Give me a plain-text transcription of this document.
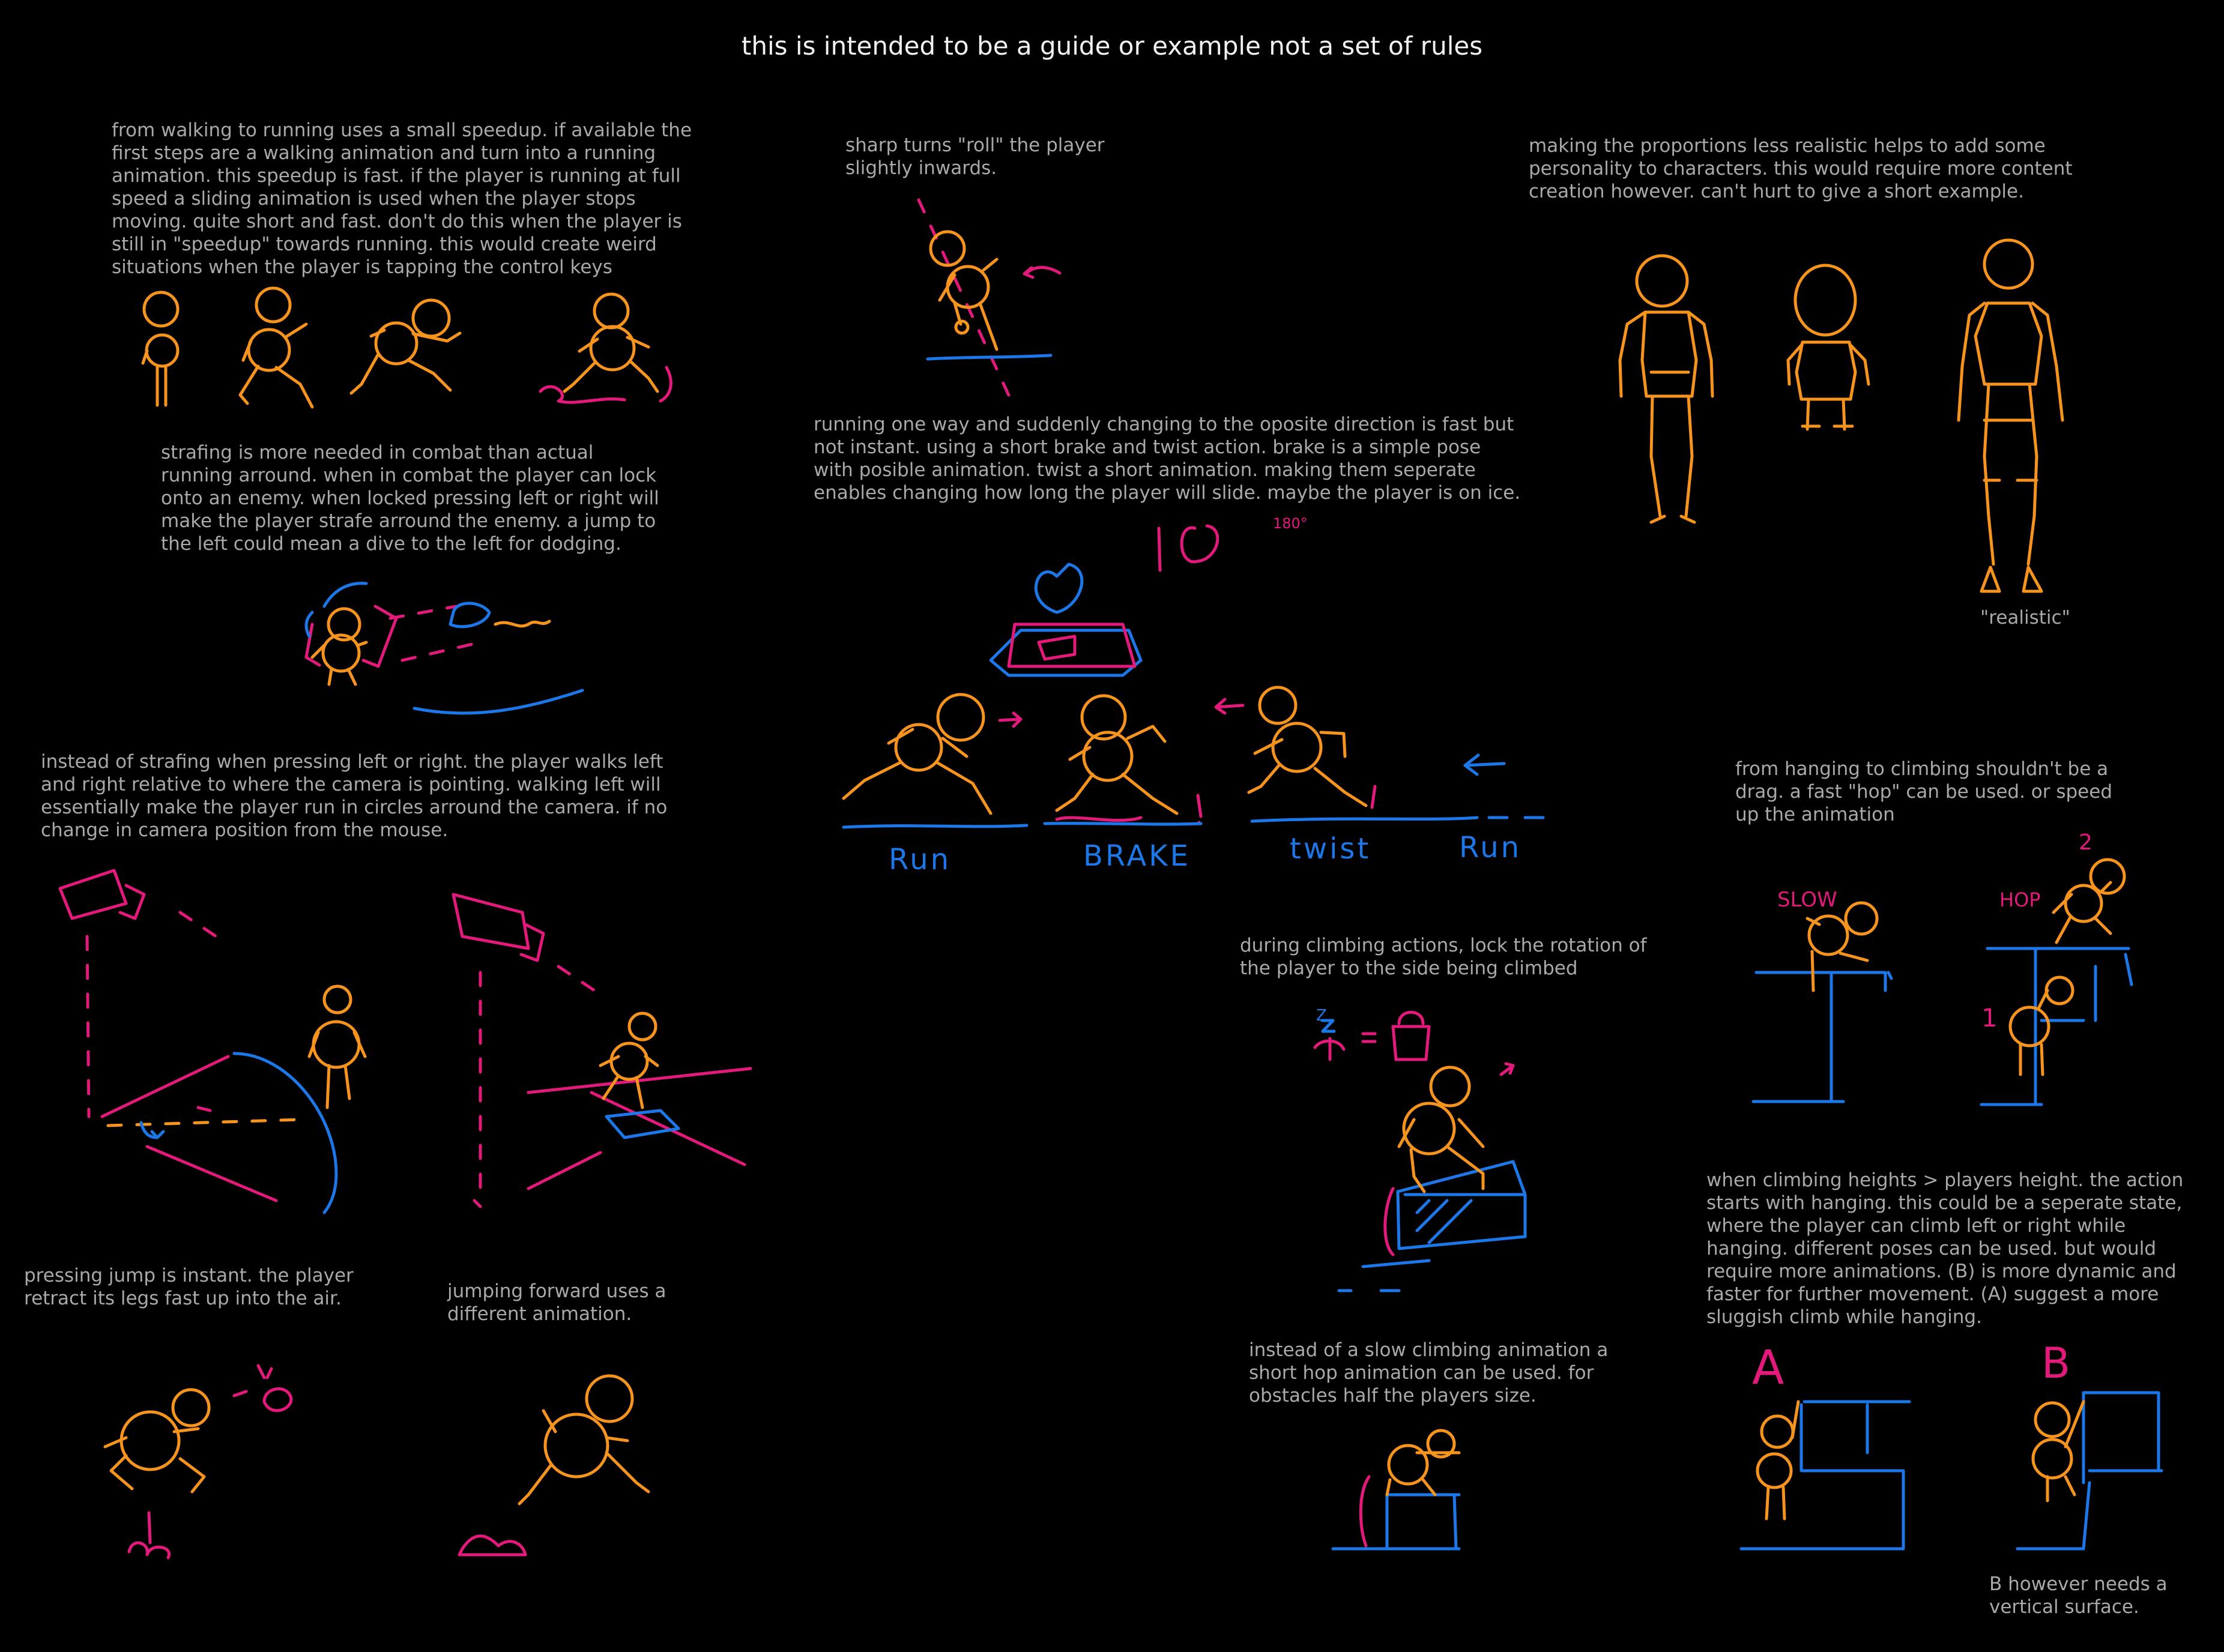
this is intended to be a guide or example not a set of rules

from walking to running uses a small speedup. if available the
first steps are a walking animation and turn into a running
animation. this speedup is fast. if the player is running at full
speed a sliding animation is used when the player stops
moving. quite short and fast. don't do this when the player is
still in "speedup" towards running. this would create weird
situations when the player is tapping the control keys

sharp turns "roll" the player
slightly inwards.

making the proportions less realistic helps to add some
personality to characters. this would require more content
creation however. can't hurt to give a short example.

strafing is more needed in combat than actual
running arround. when in combat the player can lock
onto an enemy. when locked pressing left or right will
make the player strafe arround the enemy. a jump to
the left could mean a dive to the left for dodging.

running one way and suddenly changing to the oposite direction is fast but
not instant. using a short brake and twist action. brake is a simple pose
with posible animation. twist a short animation. making them seperate
enables changing how long the player will slide. maybe the player is on ice.

"realistic"

instead of strafing when pressing left or right. the player walks left
and right relative to where the camera is pointing. walking left will
essentially make the player run in circles arround the camera. if no
change in camera position from the mouse.

from hanging to climbing shouldn't be a
drag. a fast "hop" can be used. or speed
up the animation

during climbing actions, lock the rotation of
the player to the side being climbed

when climbing heights > players height. the action
starts with hanging. this could be a seperate state,
where the player can climb left or right while
hanging. different poses can be used. but would
require more animations. (B) is more dynamic and
faster for further movement. (A) suggest a more
sluggish climb while hanging.

pressing jump is instant. the player
retract its legs fast up into the air.	jumping forward uses a
different animation.

instead of a slow climbing animation a
short hop animation can be used. for
obstacles half the players size.

B however needs a
vertical surface.

Run	BRAKE	twist	Run
180°
SLOW	HOP
1
2
Z
A	B
